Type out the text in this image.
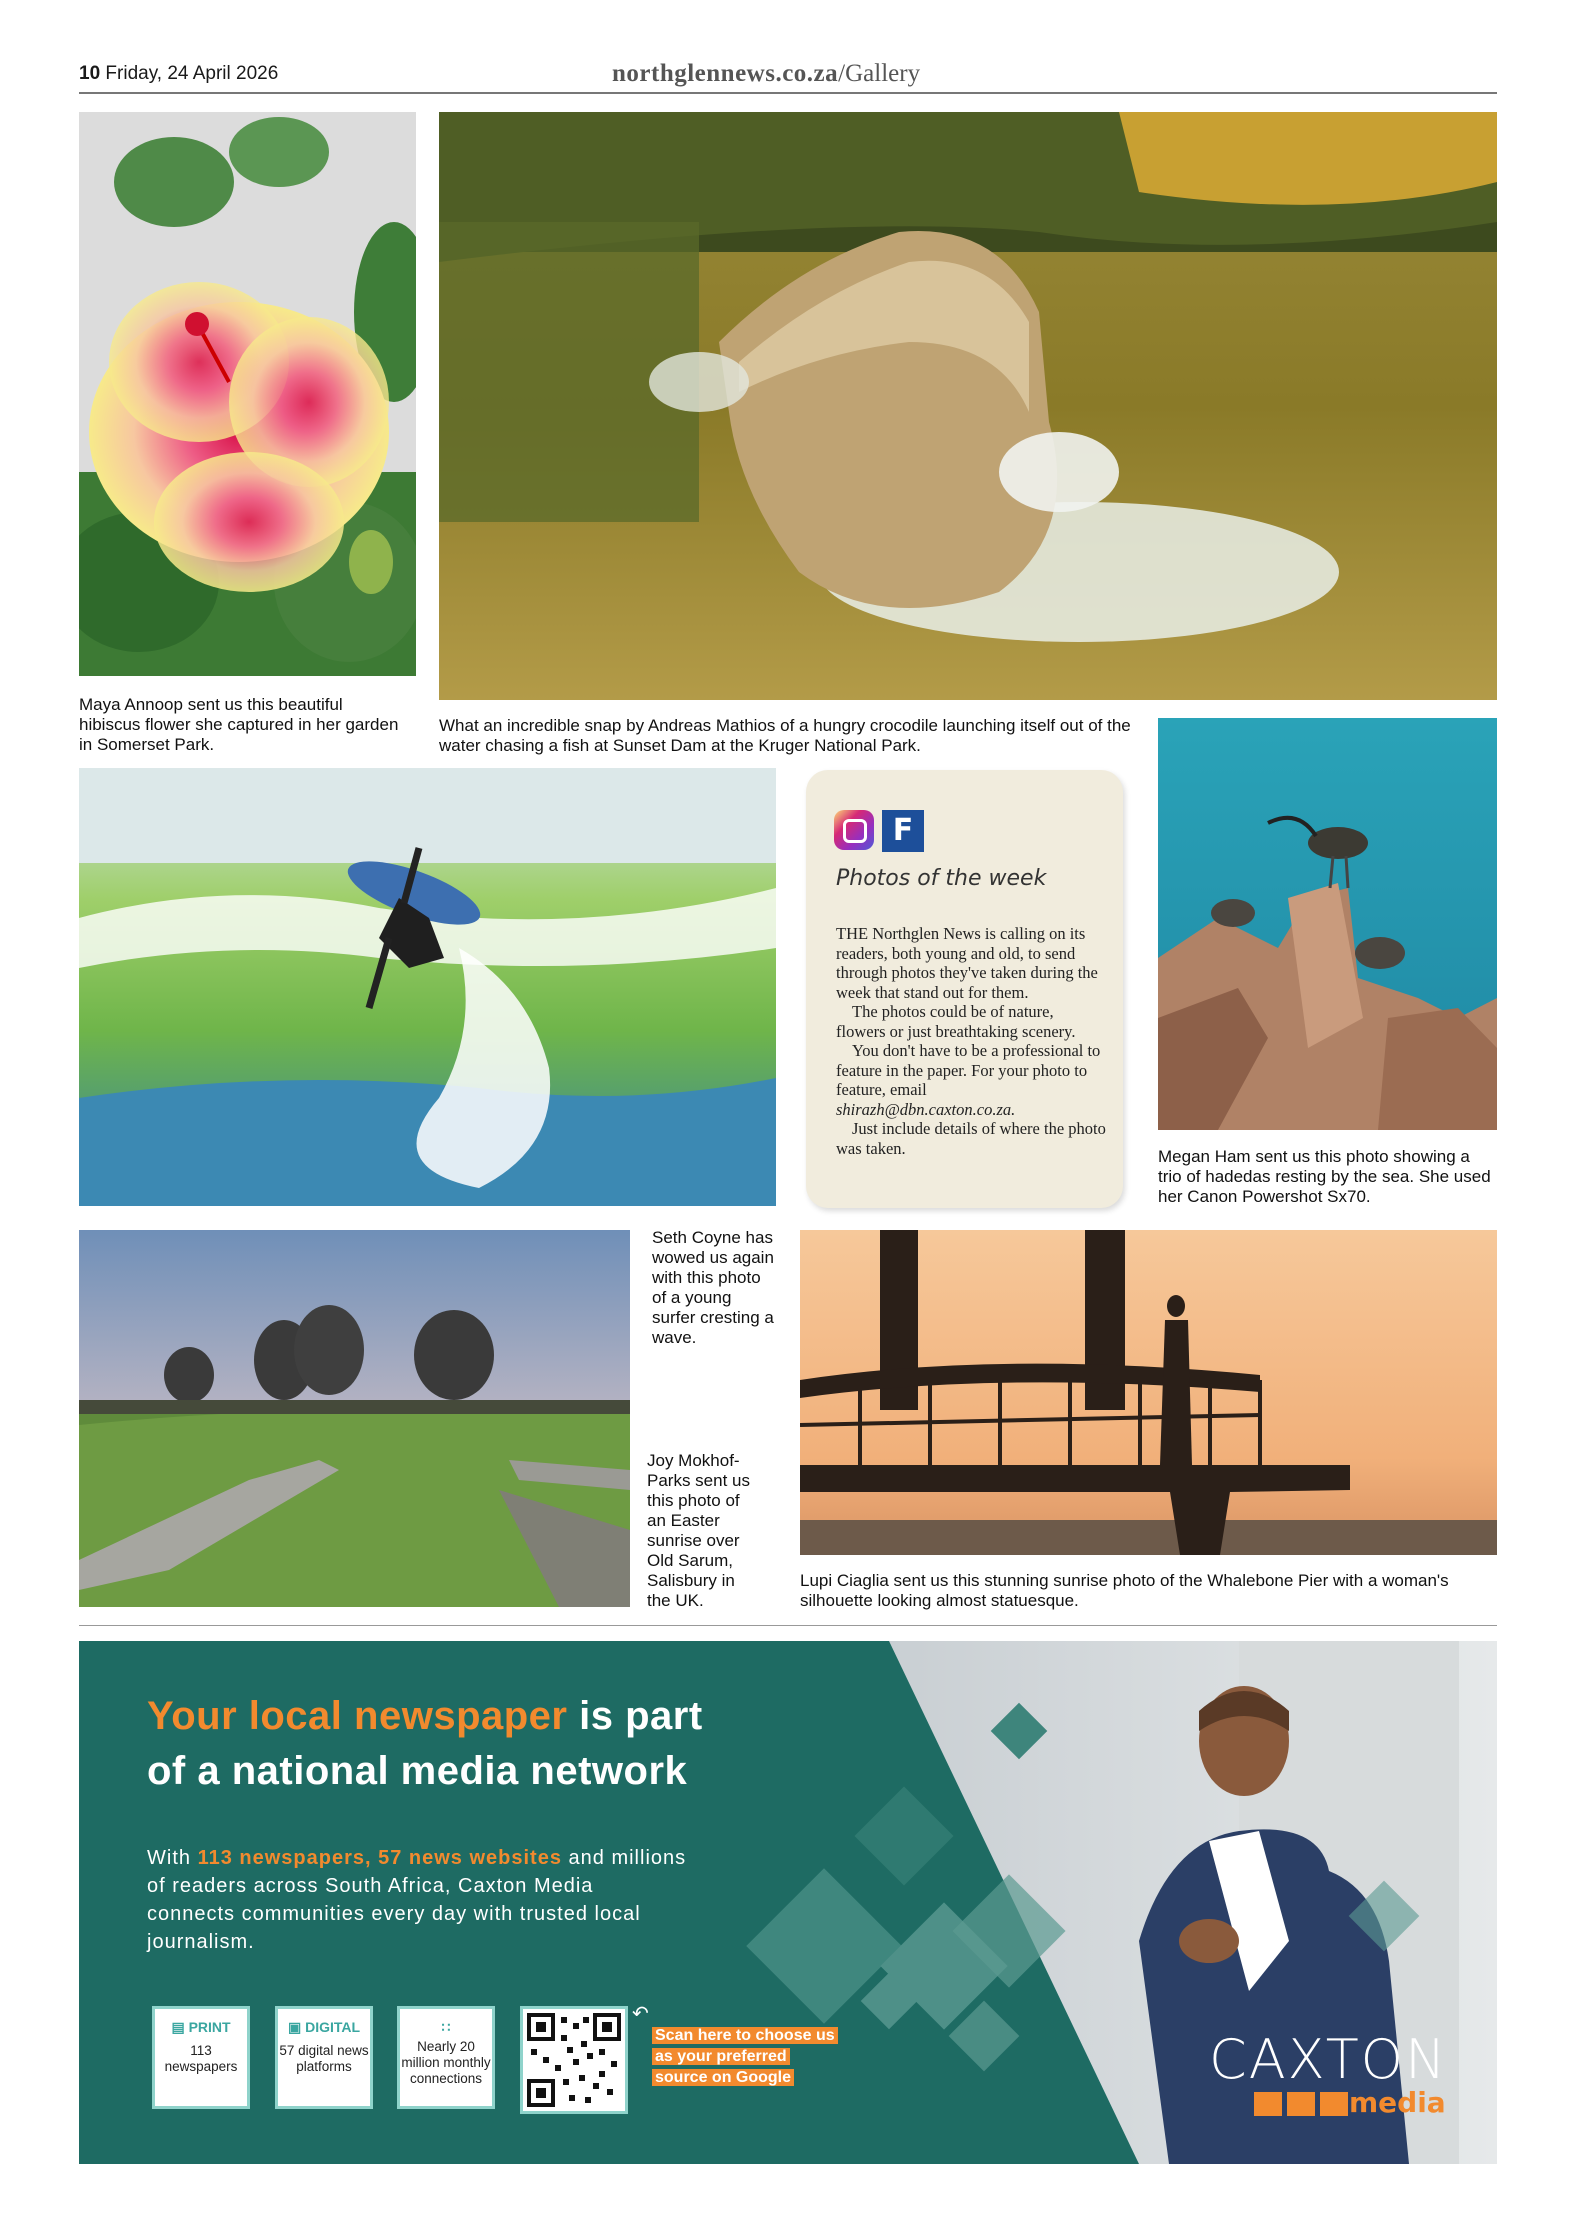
10 Friday, 24 April 2026	northglennews.co.za/Gallery
Maya Annoop sent us this beautiful hibiscus flower she captured in her garden in Somerset Park.
What an incredible snap by Andreas Mathios of a hungry crocodile launching itself out of the water chasing a fish at Sunset Dam at the Kruger National Park.
F
Photos of the week

THE Northglen News is calling on its readers, both young and old, to send through photos they've taken during the week that stand out for them.

The photos could be of nature, flowers or just breathtaking scenery.

You don't have to be a professional to feature in the paper. For your photo to feature, email shirazh@dbn.caxton.co.za.

Just include details of where the photo was taken.	Megan Ham sent us this photo showing a trio of hadedas resting by the sea. She used her Canon Powershot Sx70.
Seth Coyne has wowed us again with this photo of a young surfer cresting a wave.
Joy Mokhof-Parks sent us this photo of an Easter sunrise over Old Sarum, Salisbury in the UK.
Lupi Ciaglia sent us this stunning sunrise photo of the Whalebone Pier with a woman's silhouette looking almost statuesque.
Your local newspaper is part
of a national media network
With 113 newspapers, 57 news websites and millions of readers across South Africa, Caxton Media connects communities every day with trusted local journalism.
▤ PRINT
113 newspapers
▣ DIGITAL
57 digital news platforms
∷
Nearly 20 million monthly connections
↶
Scan here to choose us as your preferred source on Google	CAXTON
media
